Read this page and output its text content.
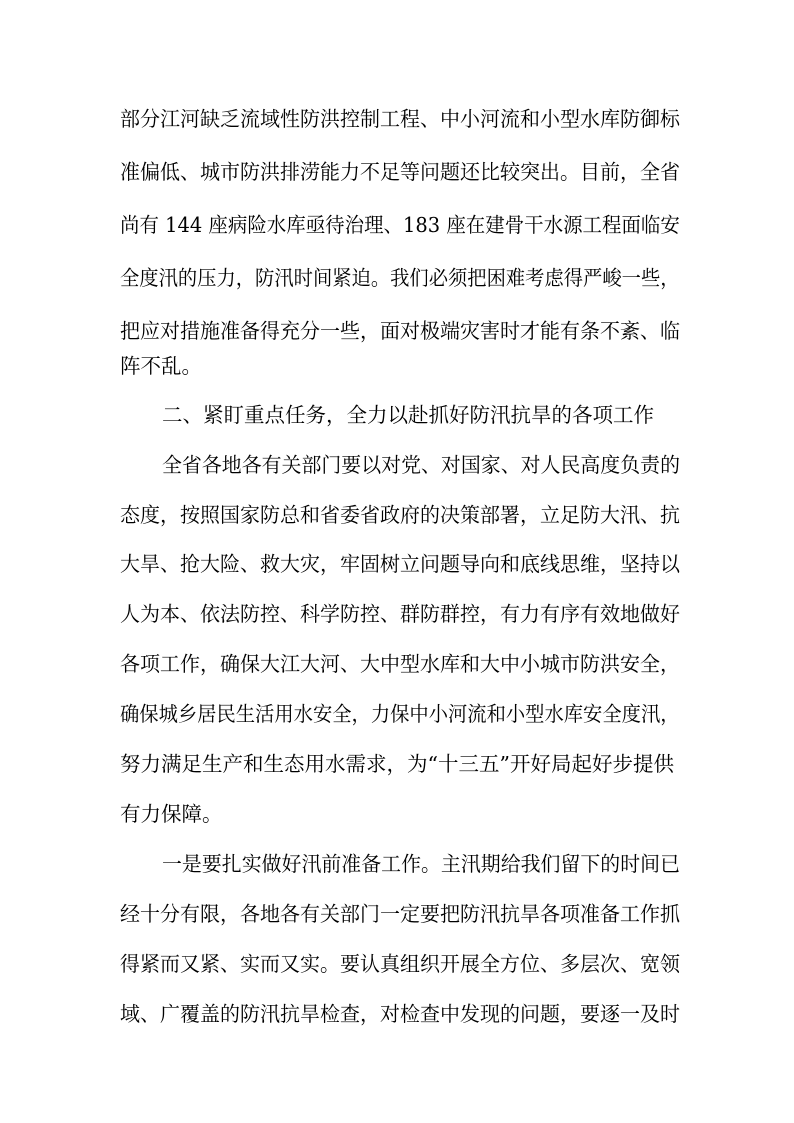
部分江河缺乏流域性防洪控制工程、中小河流和小型水库防御标
准偏低、城市防洪排涝能力不足等问题还比较突出。目前，全省
尚有 144 座病险水库亟待治理、183 座在建骨干水源工程面临安
全度汛的压力，防汛时间紧迫。我们必须把困难考虑得严峻一些，
把应对措施准备得充分一些，面对极端灾害时才能有条不紊、临
阵不乱。
二、紧盯重点任务，全力以赴抓好防汛抗旱的各项工作
全省各地各有关部门要以对党、对国家、对人民高度负责的
态度，按照国家防总和省委省政府的决策部署，立足防大汛、抗
大旱、抢大险、救大灾，牢固树立问题导向和底线思维，坚持以
人为本、依法防控、科学防控、群防群控，有力有序有效地做好
各项工作，确保大江大河、大中型水库和大中小城市防洪安全，
确保城乡居民生活用水安全，力保中小河流和小型水库安全度汛，
努力满足生产和生态用水需求，为“十三五”开好局起好步提供
有力保障。
一是要扎实做好汛前准备工作。主汛期给我们留下的时间已
经十分有限，各地各有关部门一定要把防汛抗旱各项准备工作抓
得紧而又紧、实而又实。要认真组织开展全方位、多层次、宽领
域、广覆盖的防汛抗旱检查，对检查中发现的问题，要逐一及时
